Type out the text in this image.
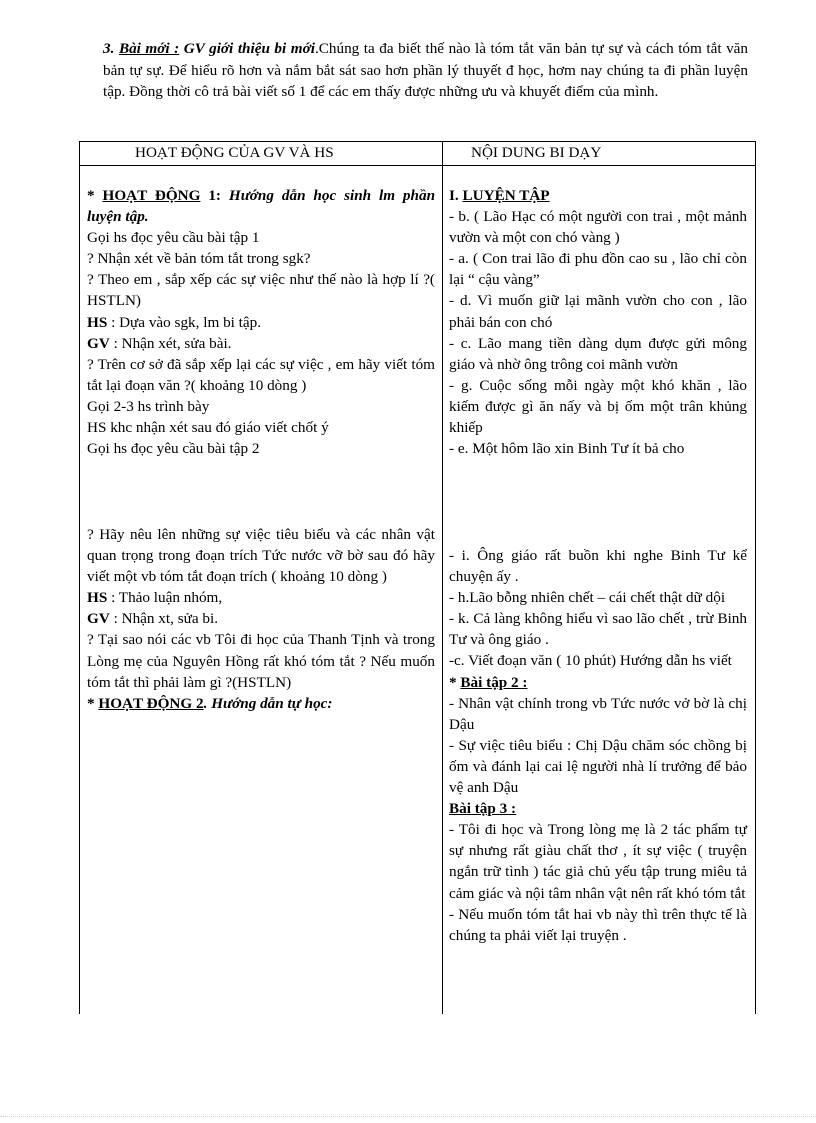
3. Bài mới : GV giới thiệu bi mới.Chúng ta đa biết thế nào là tóm tắt văn bản tự sự và cách tóm tắt văn bản tự sự. Để hiểu rõ hơn và nắm bắt sát sao hơn phần lý thuyết đ học, hơm nay chúng ta đi phần luyện tập. Đồng thời cô trả bài viết số 1 để các em thấy được những ưu và khuyết điểm của mình.
HOẠT ĐỘNG CỦA GV VÀ HS	NỘI DUNG BI DẠY

* HOẠT ĐỘNG 1: Hướng dẫn học sinh lm phần luyện tập.

Gọi hs đọc yêu cầu bài tập 1

? Nhận xét về bản tóm tắt trong sgk?

? Theo em , sắp xếp các sự việc như thế nào là hợp lí ?( HSTLN)

HS : Dựa vào sgk, lm bi tập.

GV : Nhận xét, sửa bài.

? Trên cơ sở đã sắp xếp lại các sự việc , em hãy viết tóm tắt lại đoạn văn ?( khoảng 10 dòng )

Gọi 2-3 hs trình bày

HS khc nhận xét sau đó giáo viết chốt ý

Gọi hs đọc yêu cầu bài tập 2

? Hãy nêu lên những sự việc tiêu biểu và các nhân vật quan trọng trong đoạn trích Tức nước vỡ bờ sau đó hãy viết một vb tóm tắt đoạn trích ( khoảng 10 dòng )

HS : Thảo luận nhóm,

GV : Nhận xt, sửa bi.

? Tại sao nói các vb Tôi đi học của Thanh Tịnh và trong Lòng mẹ của Nguyên Hồng rất khó tóm tắt ? Nếu muốn tóm tắt thì phải làm gì ?(HSTLN)

* HOẠT ĐỘNG 2. Hướng dẫn tự học:

I. LUYỆN TẬP

- b. ( Lão Hạc có một người con trai , một mảnh vườn và một con chó vàng )

- a. ( Con trai lão đi phu đồn cao su , lão chỉ còn lại “ cậu vàng”

- d. Vì muốn giữ lại mãnh vườn cho con , lão phải bán con chó

- c. Lão mang tiền dàng dụm được gửi mông giáo và nhờ ông trông coi mãnh vườn

- g. Cuộc sống mỗi ngày một khó khăn , lão kiếm được gì ăn nấy và bị ốm một trân khủng khiếp

- e. Một hôm lão xin Binh Tư ít bả cho

- i. Ông giáo rất buồn khi nghe Binh Tư kể chuyện ấy .

- h.Lão bỗng nhiên chết – cái chết thật dữ dội

- k. Cả làng không hiểu vì sao lão chết , trừ Binh Tư và ông giáo .

-c. Viết đoạn văn ( 10 phút) Hướng dẫn hs viết

* Bài tập 2 :

- Nhân vật chính trong vb Tức nước vở bờ là chị Dậu

- Sự việc tiêu biểu : Chị Dậu chăm sóc chồng bị ốm và đánh lại cai lệ người nhà lí trưởng để bảo vệ anh Dậu

Bài tập 3 :

- Tôi đi học và Trong lòng mẹ là 2 tác phẩm tự sự nhưng rất giàu chất thơ , ít sự việc ( truyện ngắn trữ tình ) tác giả chủ yếu tập trung miêu tả cảm giác và nội tâm nhân vật nên rất khó tóm tắt

- Nếu muốn tóm tắt hai vb này thì trên thực tế là chúng ta phải viết lại truyện .
